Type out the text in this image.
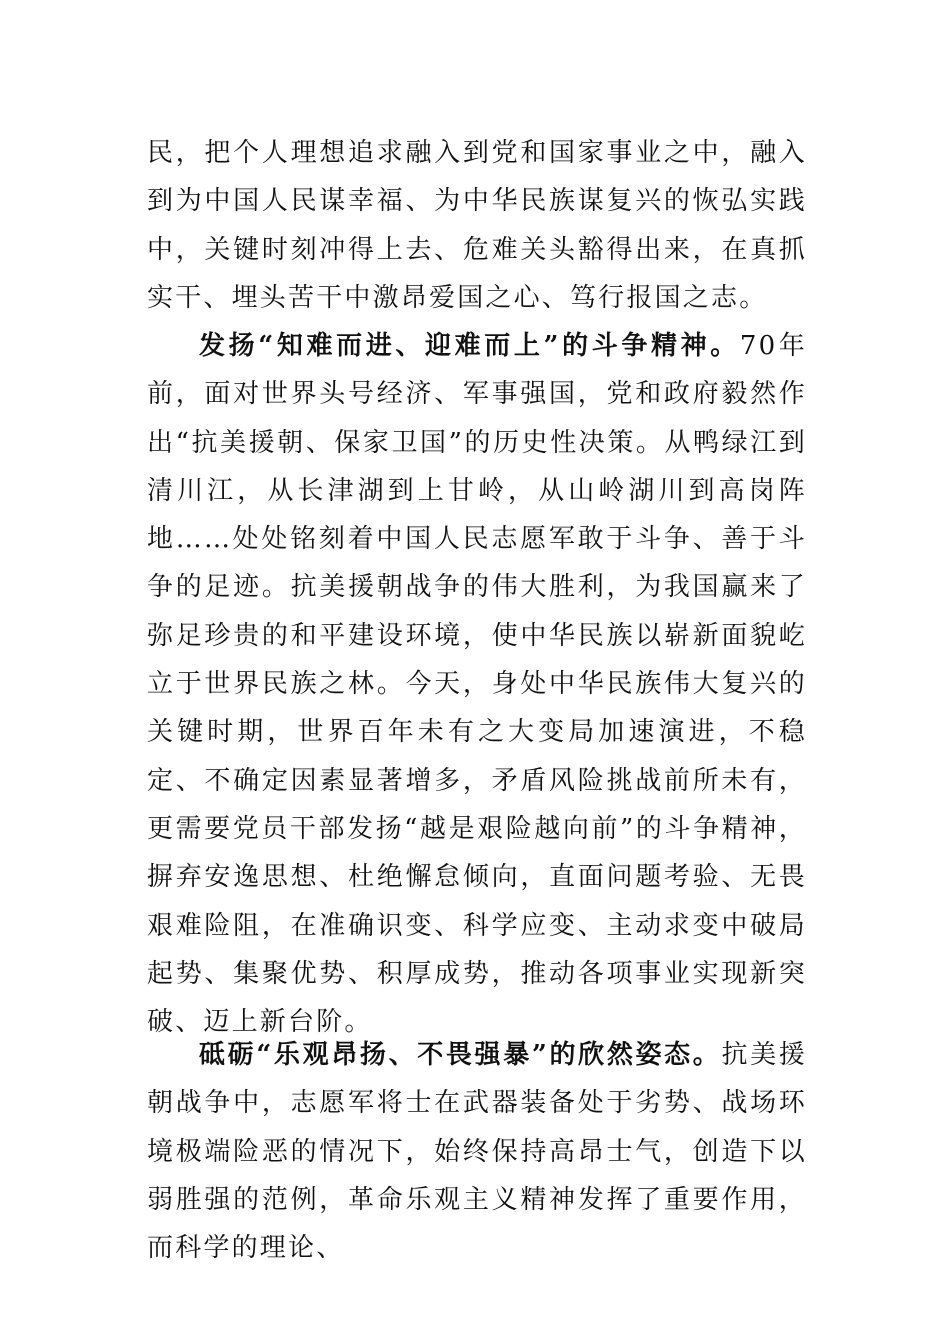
民，把个人理想追求融入到党和国家事业之中，融入到为中国人民谋幸福、为中华民族谋复兴的恢弘实践中，关键时刻冲得上去、危难关头豁得出来，在真抓实干、埋头苦干中激昂爱国之心、笃行报国之志。

发扬“知难而进、迎难而上”的斗争精神。70年前，面对世界头号经济、军事强国，党和政府毅然作出“抗美援朝、保家卫国”的历史性决策。从鸭绿江到清川江，从长津湖到上甘岭，从山岭湖川到高岗阵地……处处铭刻着中国人民志愿军敢于斗争、善于斗争的足迹。抗美援朝战争的伟大胜利，为我国赢来了弥足珍贵的和平建设环境，使中华民族以崭新面貌屹立于世界民族之林。今天，身处中华民族伟大复兴的关键时期，世界百年未有之大变局加速演进，不稳定、不确定因素显著增多，矛盾风险挑战前所未有，更需要党员干部发扬“越是艰险越向前”的斗争精神，摒弃安逸思想、杜绝懈怠倾向，直面问题考验、无畏艰难险阻，在准确识变、科学应变、主动求变中破局起势、集聚优势、积厚成势，推动各项事业实现新突破、迈上新台阶。

砥砺“乐观昂扬、不畏强暴”的欣然姿态。抗美援朝战争中，志愿军将士在武器装备处于劣势、战场环境极端险恶的情况下，始终保持高昂士气，创造下以弱胜强的范例，革命乐观主义精神发挥了重要作用，而科学的理论、
